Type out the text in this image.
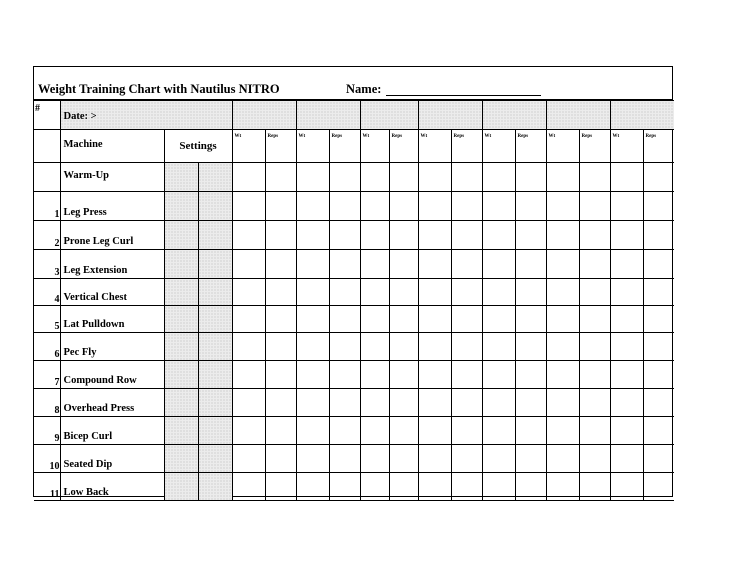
Weight Training Chart with Nautilus NITRO	Name:
#	Date: >																
	Machine	Settings		Wt	Reps	Wt	Reps	Wt	Reps	Wt	Reps	Wt	Reps	Wt	Reps	Wt	Reps
	Warm-Up																
1	Leg Press																
2	Prone Leg Curl																
3	Leg Extension																
4	Vertical Chest																
5	Lat Pulldown																
6	Pec Fly																
7	Compound Row																
8	Overhead Press																
9	Bicep Curl																
10	Seated Dip																
11	Low Back																
